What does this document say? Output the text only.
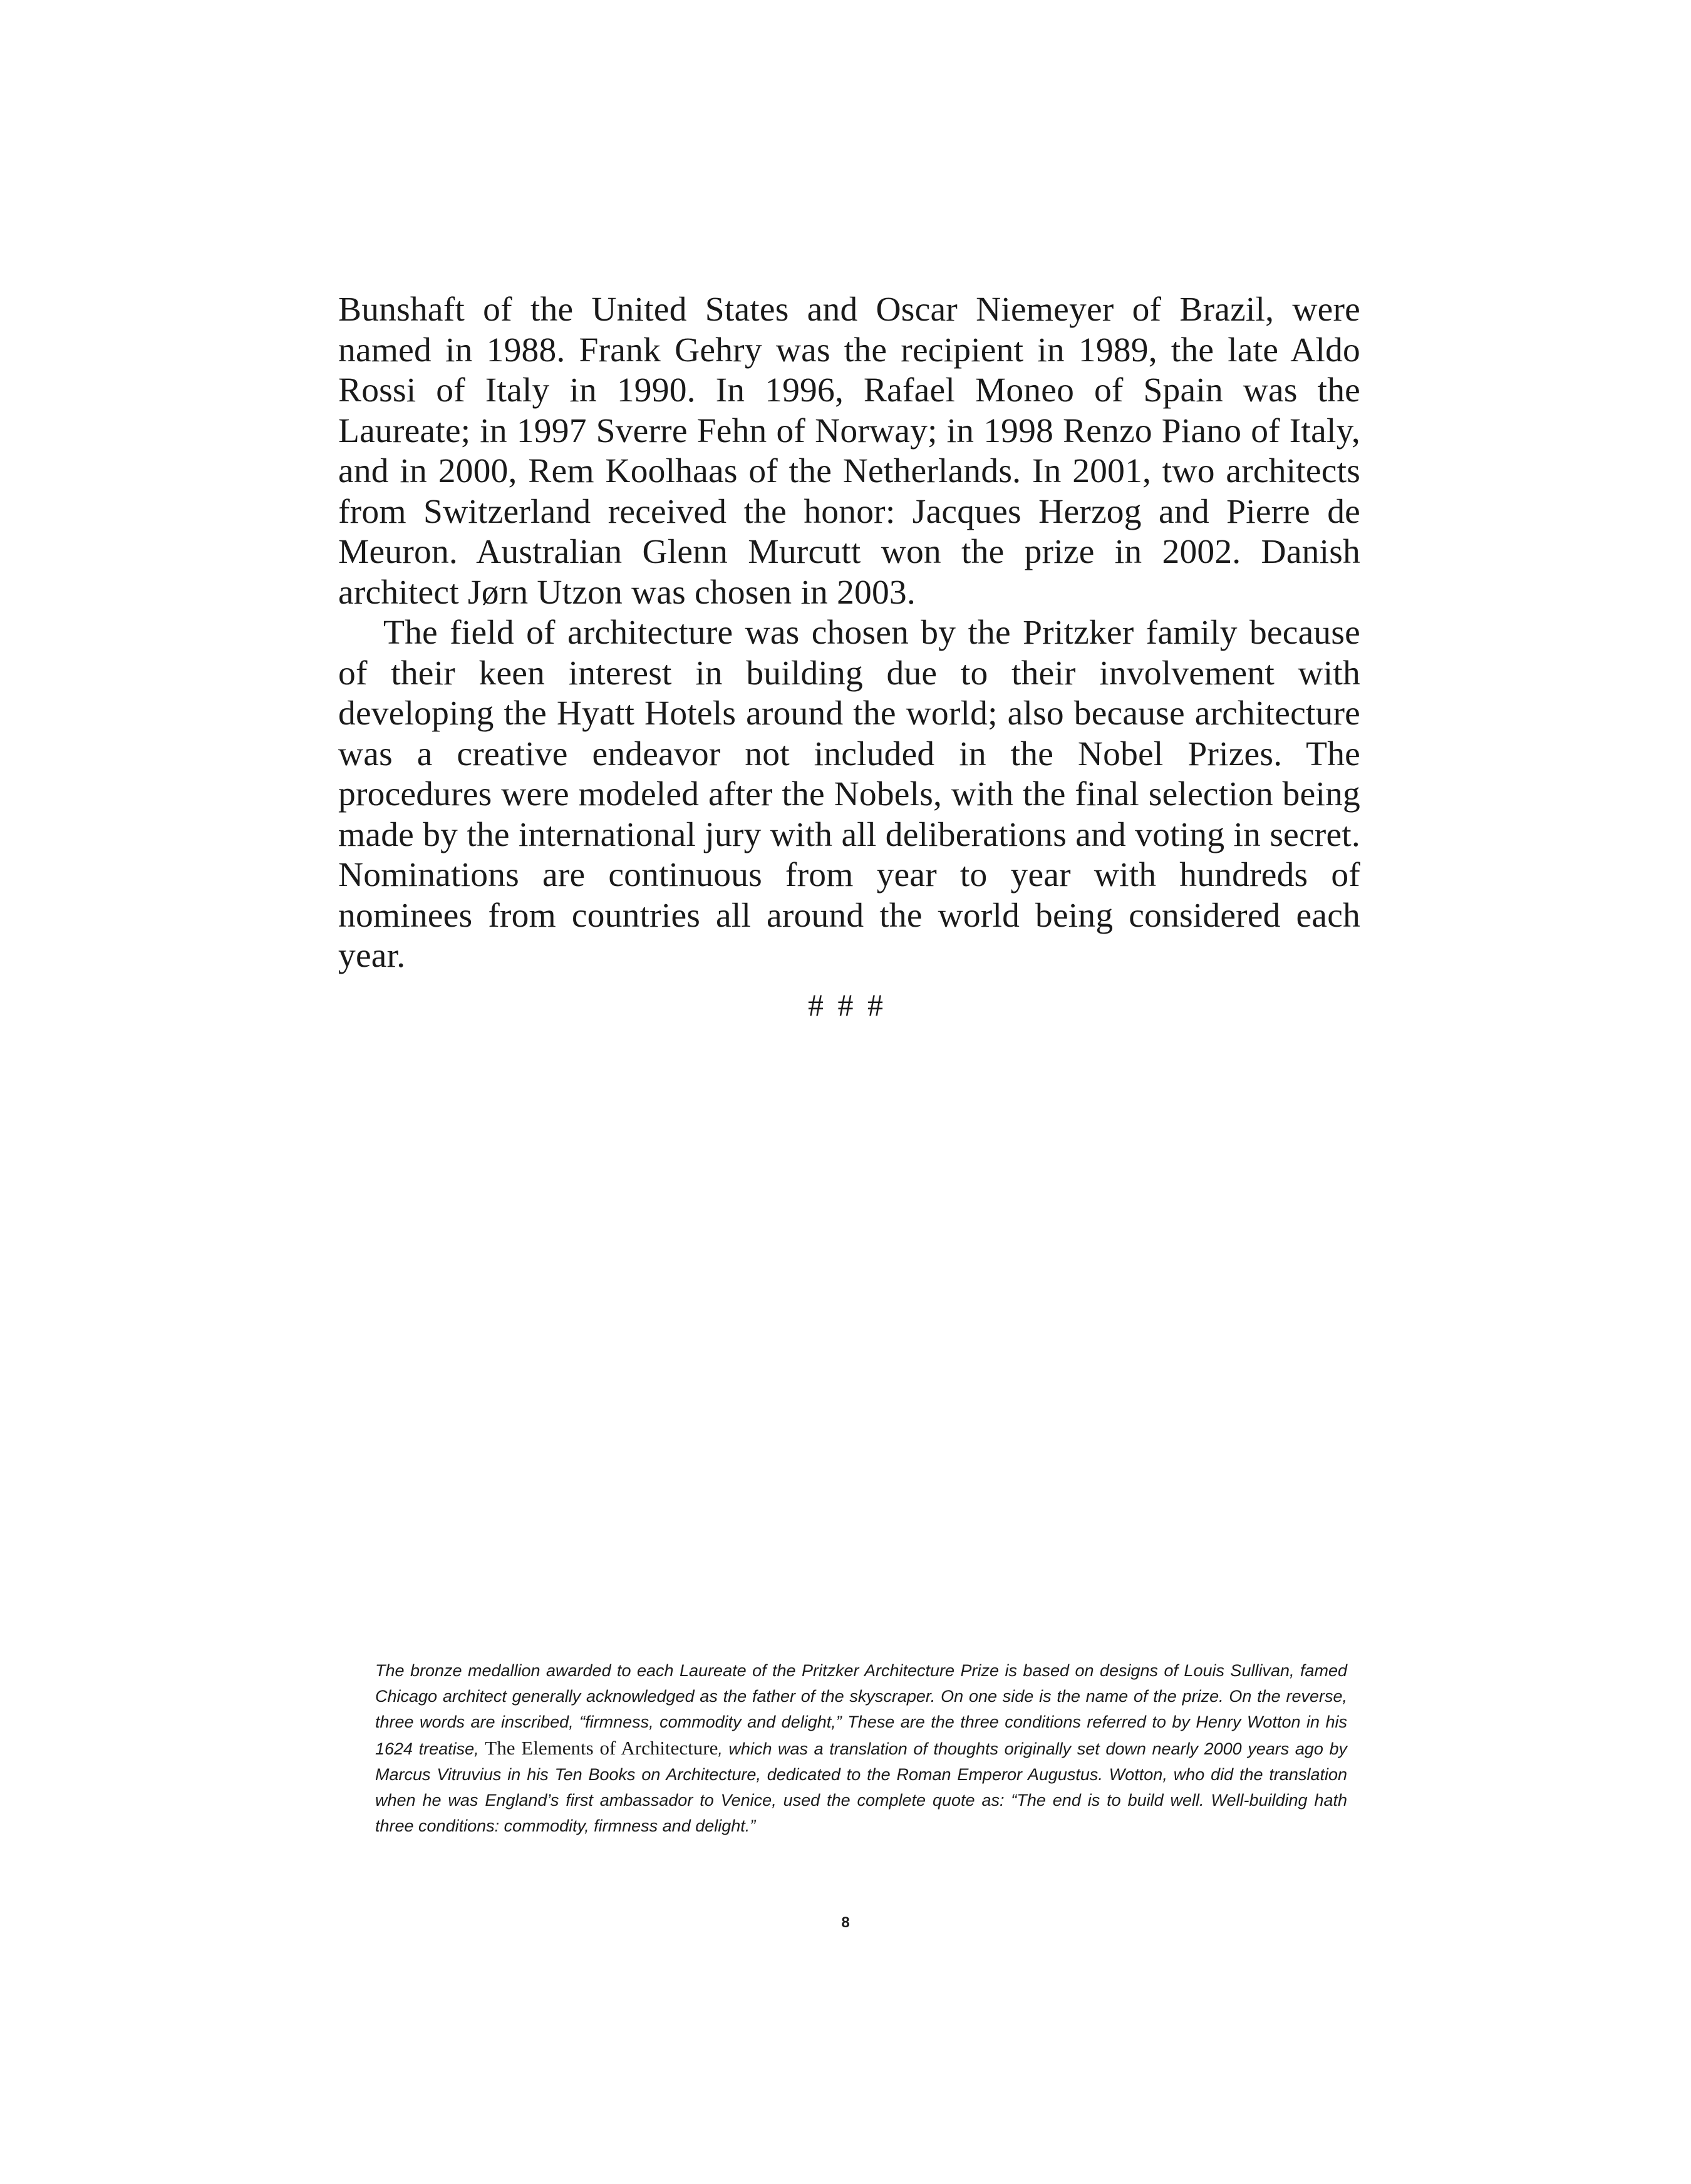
Bunshaft of the United States and Oscar Niemeyer of Brazil, were named in 1988. Frank Gehry was the recipient in 1989, the late Aldo Rossi of Italy in 1990. In 1996, Rafael Moneo of Spain was the Laureate; in 1997 Sverre Fehn of Norway; in 1998 Renzo Piano of Italy, and in 2000, Rem Koolhaas of the Netherlands. In 2001, two architects from Switzerland received the honor: Jacques Herzog and Pierre de Meuron. Australian Glenn Murcutt won the prize in 2002. Danish architect Jørn Utzon was chosen in 2003.

The field of architecture was chosen by the Pritzker family because of their keen interest in building due to their involvement with developing the Hyatt Hotels around the world; also because architecture was a creative endeavor not included in the Nobel Prizes. The procedures were modeled after the Nobels, with the final selection being made by the international jury with all deliberations and voting in secret. Nominations are continuous from year to year with hundreds of nominees from countries all around the world being considered each year.

# # #
The bronze medallion awarded to each Laureate of the Pritzker Architecture Prize is based on designs of Louis Sullivan, famed Chicago architect generally acknowledged as the father of the skyscraper. On one side is the name of the prize. On the reverse, three words are inscribed, “firmness, commodity and delight,” These are the three conditions referred to by Henry Wotton in his 1624 treatise, The Elements of Architecture, which was a translation of thoughts originally set down nearly 2000 years ago by Marcus Vitruvius in his Ten Books on Architecture, dedicated to the Roman Emperor Augustus. Wotton, who did the translation when he was England’s first ambassador to Venice, used the complete quote as: “The end is to build well. Well-building hath three conditions: commodity, firmness and delight.”
8
